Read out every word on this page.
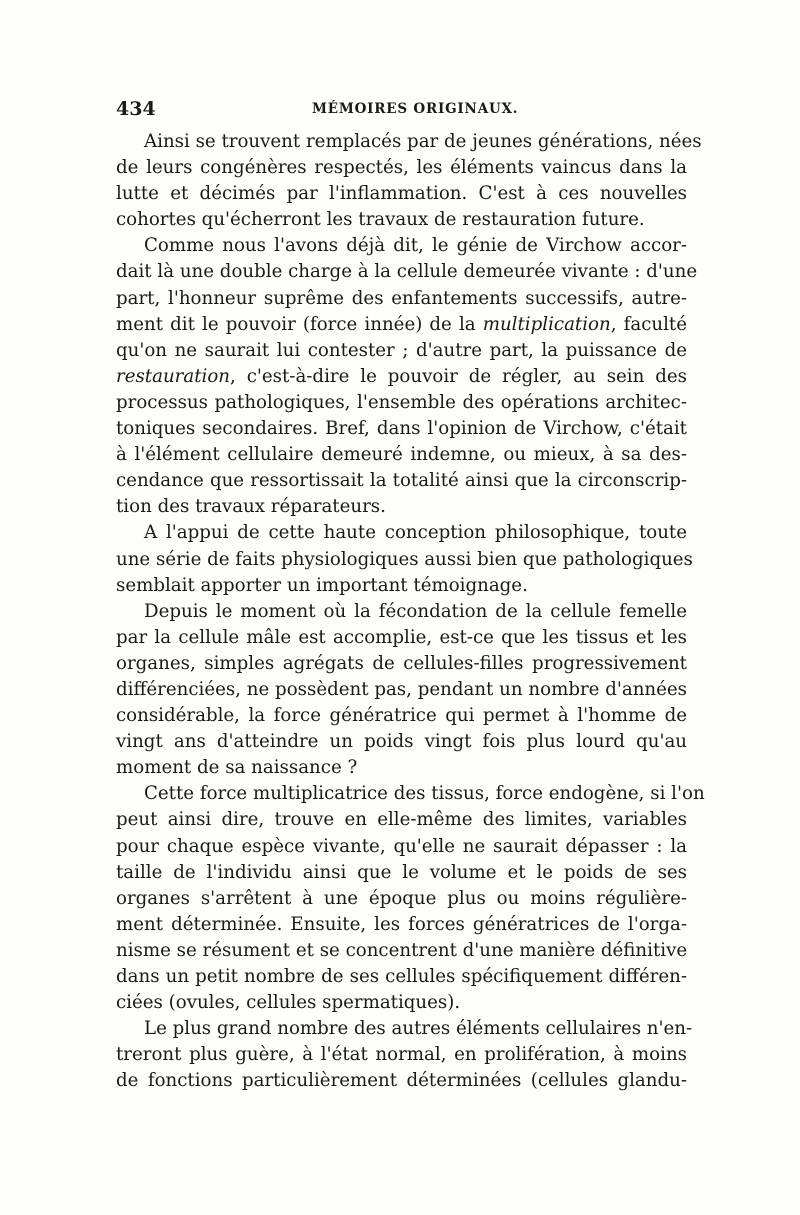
434	MÉMOIRES ORIGINAUX.
Ainsi se trouvent remplacés par de jeunes générations, nées
de leurs congénères respectés, les éléments vaincus dans la
lutte et décimés par l'inflammation. C'est à ces nouvelles
cohortes qu'écherront les travaux de restauration future.
Comme nous l'avons déjà dit, le génie de Virchow accor-
dait là une double charge à la cellule demeurée vivante : d'une
part, l'honneur suprême des enfantements successifs, autre-
ment dit le pouvoir (force innée) de la multiplication, faculté
qu'on ne saurait lui contester ; d'autre part, la puissance de
restauration, c'est-à-dire le pouvoir de régler, au sein des
processus pathologiques, l'ensemble des opérations architec-
toniques secondaires. Bref, dans l'opinion de Virchow, c'était
à l'élément cellulaire demeuré indemne, ou mieux, à sa des-
cendance que ressortissait la totalité ainsi que la circonscrip-
tion des travaux réparateurs.
A l'appui de cette haute conception philosophique, toute
une série de faits physiologiques aussi bien que pathologiques
semblait apporter un important témoignage.
Depuis le moment où la fécondation de la cellule femelle
par la cellule mâle est accomplie, est-ce que les tissus et les
organes, simples agrégats de cellules-filles progressivement
différenciées, ne possèdent pas, pendant un nombre d'années
considérable, la force génératrice qui permet à l'homme de
vingt ans d'atteindre un poids vingt fois plus lourd qu'au
moment de sa naissance ?
Cette force multiplicatrice des tissus, force endogène, si l'on
peut ainsi dire, trouve en elle-même des limites, variables
pour chaque espèce vivante, qu'elle ne saurait dépasser : la
taille de l'individu ainsi que le volume et le poids de ses
organes s'arrêtent à une époque plus ou moins régulière-
ment déterminée. Ensuite, les forces génératrices de l'orga-
nisme se résument et se concentrent d'une manière définitive
dans un petit nombre de ses cellules spécifiquement différen-
ciées (ovules, cellules spermatiques).
Le plus grand nombre des autres éléments cellulaires n'en-
treront plus guère, à l'état normal, en prolifération, à moins
de fonctions particulièrement déterminées (cellules glandu-
